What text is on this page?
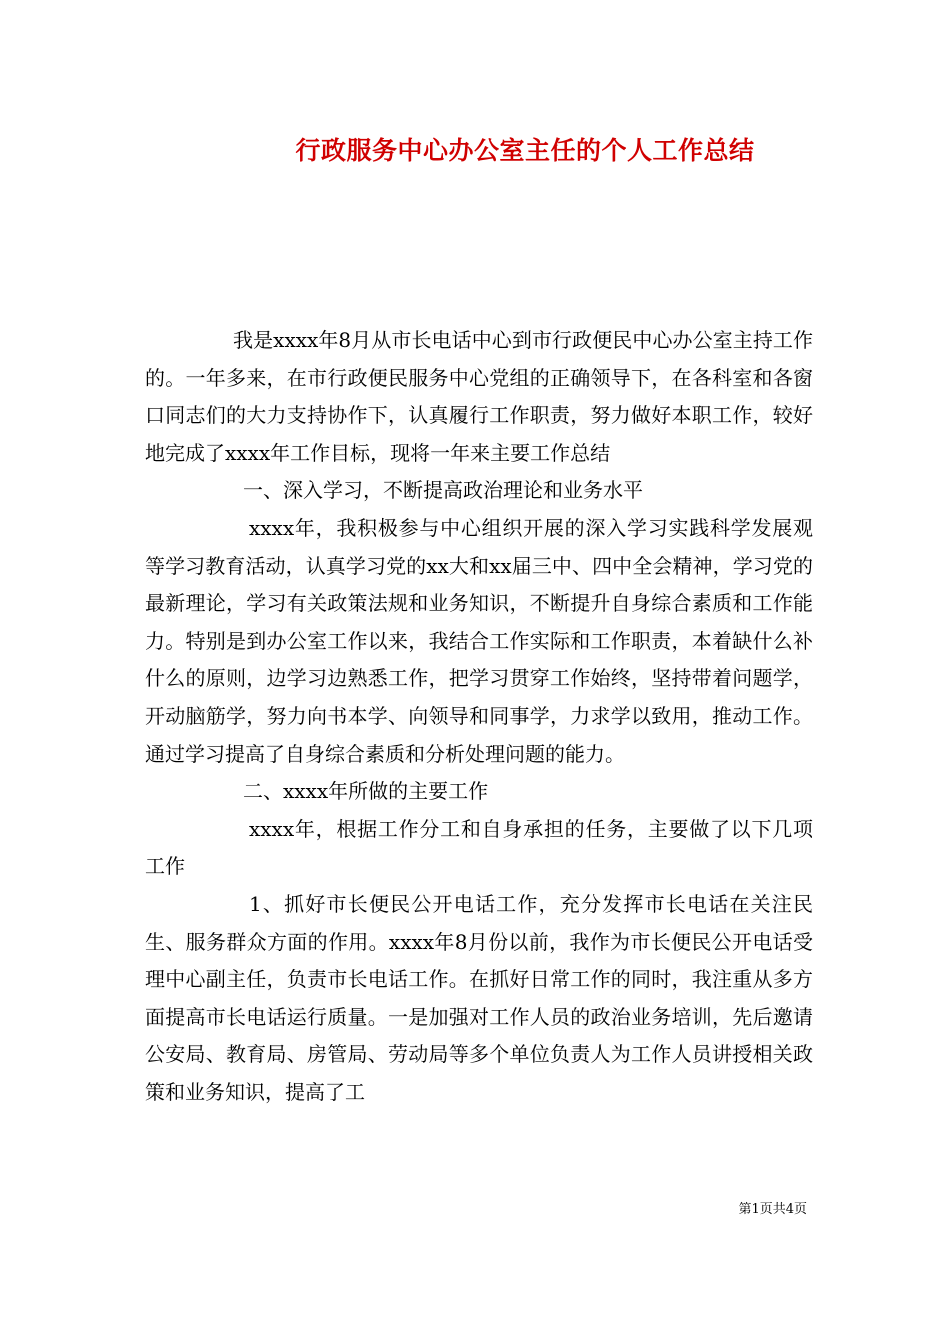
行政服务中心办公室主任的个人工作总结

我是xxxx年8月从市长电话中心到市行政便民中心办公室主持工作的。一年多来，在市行政便民服务中心党组的正确领导下，在各科室和各窗口同志们的大力支持协作下，认真履行工作职责，努力做好本职工作，较好地完成了xxxx年工作目标，现将一年来主要工作总结

一、深入学习，不断提高政治理论和业务水平

xxxx年，我积极参与中心组织开展的深入学习实践科学发展观等学习教育活动，认真学习党的xx大和xx届三中、四中全会精神，学习党的最新理论，学习有关政策法规和业务知识，不断提升自身综合素质和工作能力。特别是到办公室工作以来，我结合工作实际和工作职责，本着缺什么补什么的原则，边学习边熟悉工作，把学习贯穿工作始终，坚持带着问题学，开动脑筋学，努力向书本学、向领导和同事学，力求学以致用，推动工作。通过学习提高了自身综合素质和分析处理问题的能力。

二、xxxx年所做的主要工作

xxxx年，根据工作分工和自身承担的任务，主要做了以下几项工作

1、抓好市长便民公开电话工作，充分发挥市长电话在关注民生、服务群众方面的作用。xxxx年8月份以前，我作为市长便民公开电话受理中心副主任，负责市长电话工作。在抓好日常工作的同时，我注重从多方面提高市长电话运行质量。一是加强对工作人员的政治业务培训，先后邀请公安局、教育局、房管局、劳动局等多个单位负责人为工作人员讲授相关政策和业务知识，提高了工

第1页共4页
